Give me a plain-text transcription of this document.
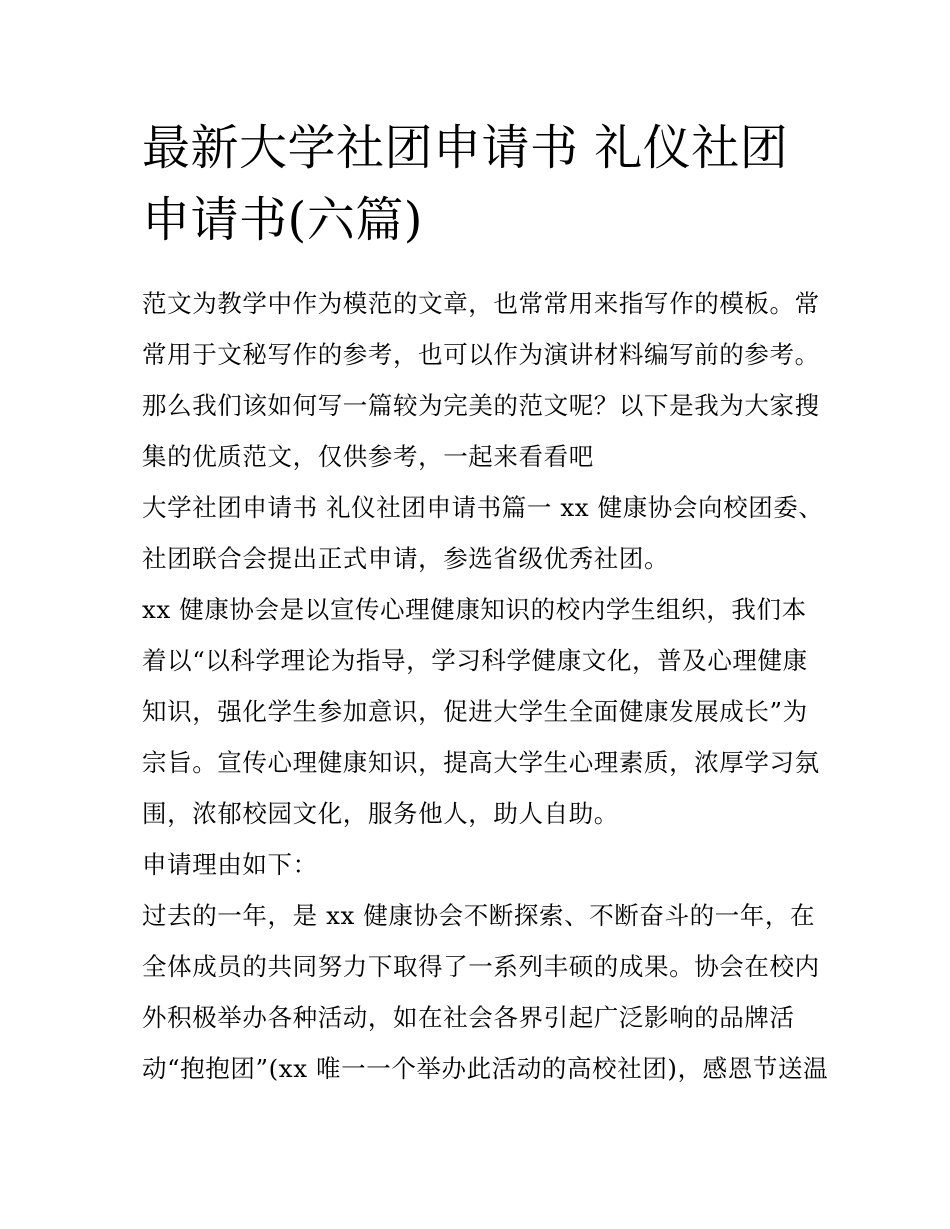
最新大学社团申请书 礼仪社团
申请书(六篇)
范文为教学中作为模范的文章，也常常用来指写作的模板。常
常用于文秘写作的参考，也可以作为演讲材料编写前的参考。
那么我们该如何写一篇较为完美的范文呢？以下是我为大家搜
集的优质范文，仅供参考，一起来看看吧
大学社团申请书 礼仪社团申请书篇一 xx 健康协会向校团委、
社团联合会提出正式申请，参选省级优秀社团。
xx 健康协会是以宣传心理健康知识的校内学生组织，我们本
着以“以科学理论为指导，学习科学健康文化，普及心理健康
知识，强化学生参加意识，促进大学生全面健康发展成长”为
宗旨。宣传心理健康知识，提高大学生心理素质，浓厚学习氛
围，浓郁校园文化，服务他人，助人自助。
申请理由如下：
过去的一年，是 xx 健康协会不断探索、不断奋斗的一年，在
全体成员的共同努力下取得了一系列丰硕的成果。协会在校内
外积极举办各种活动，如在社会各界引起广泛影响的品牌活
动“抱抱团”(xx 唯一一个举办此活动的高校社团)，感恩节送温
